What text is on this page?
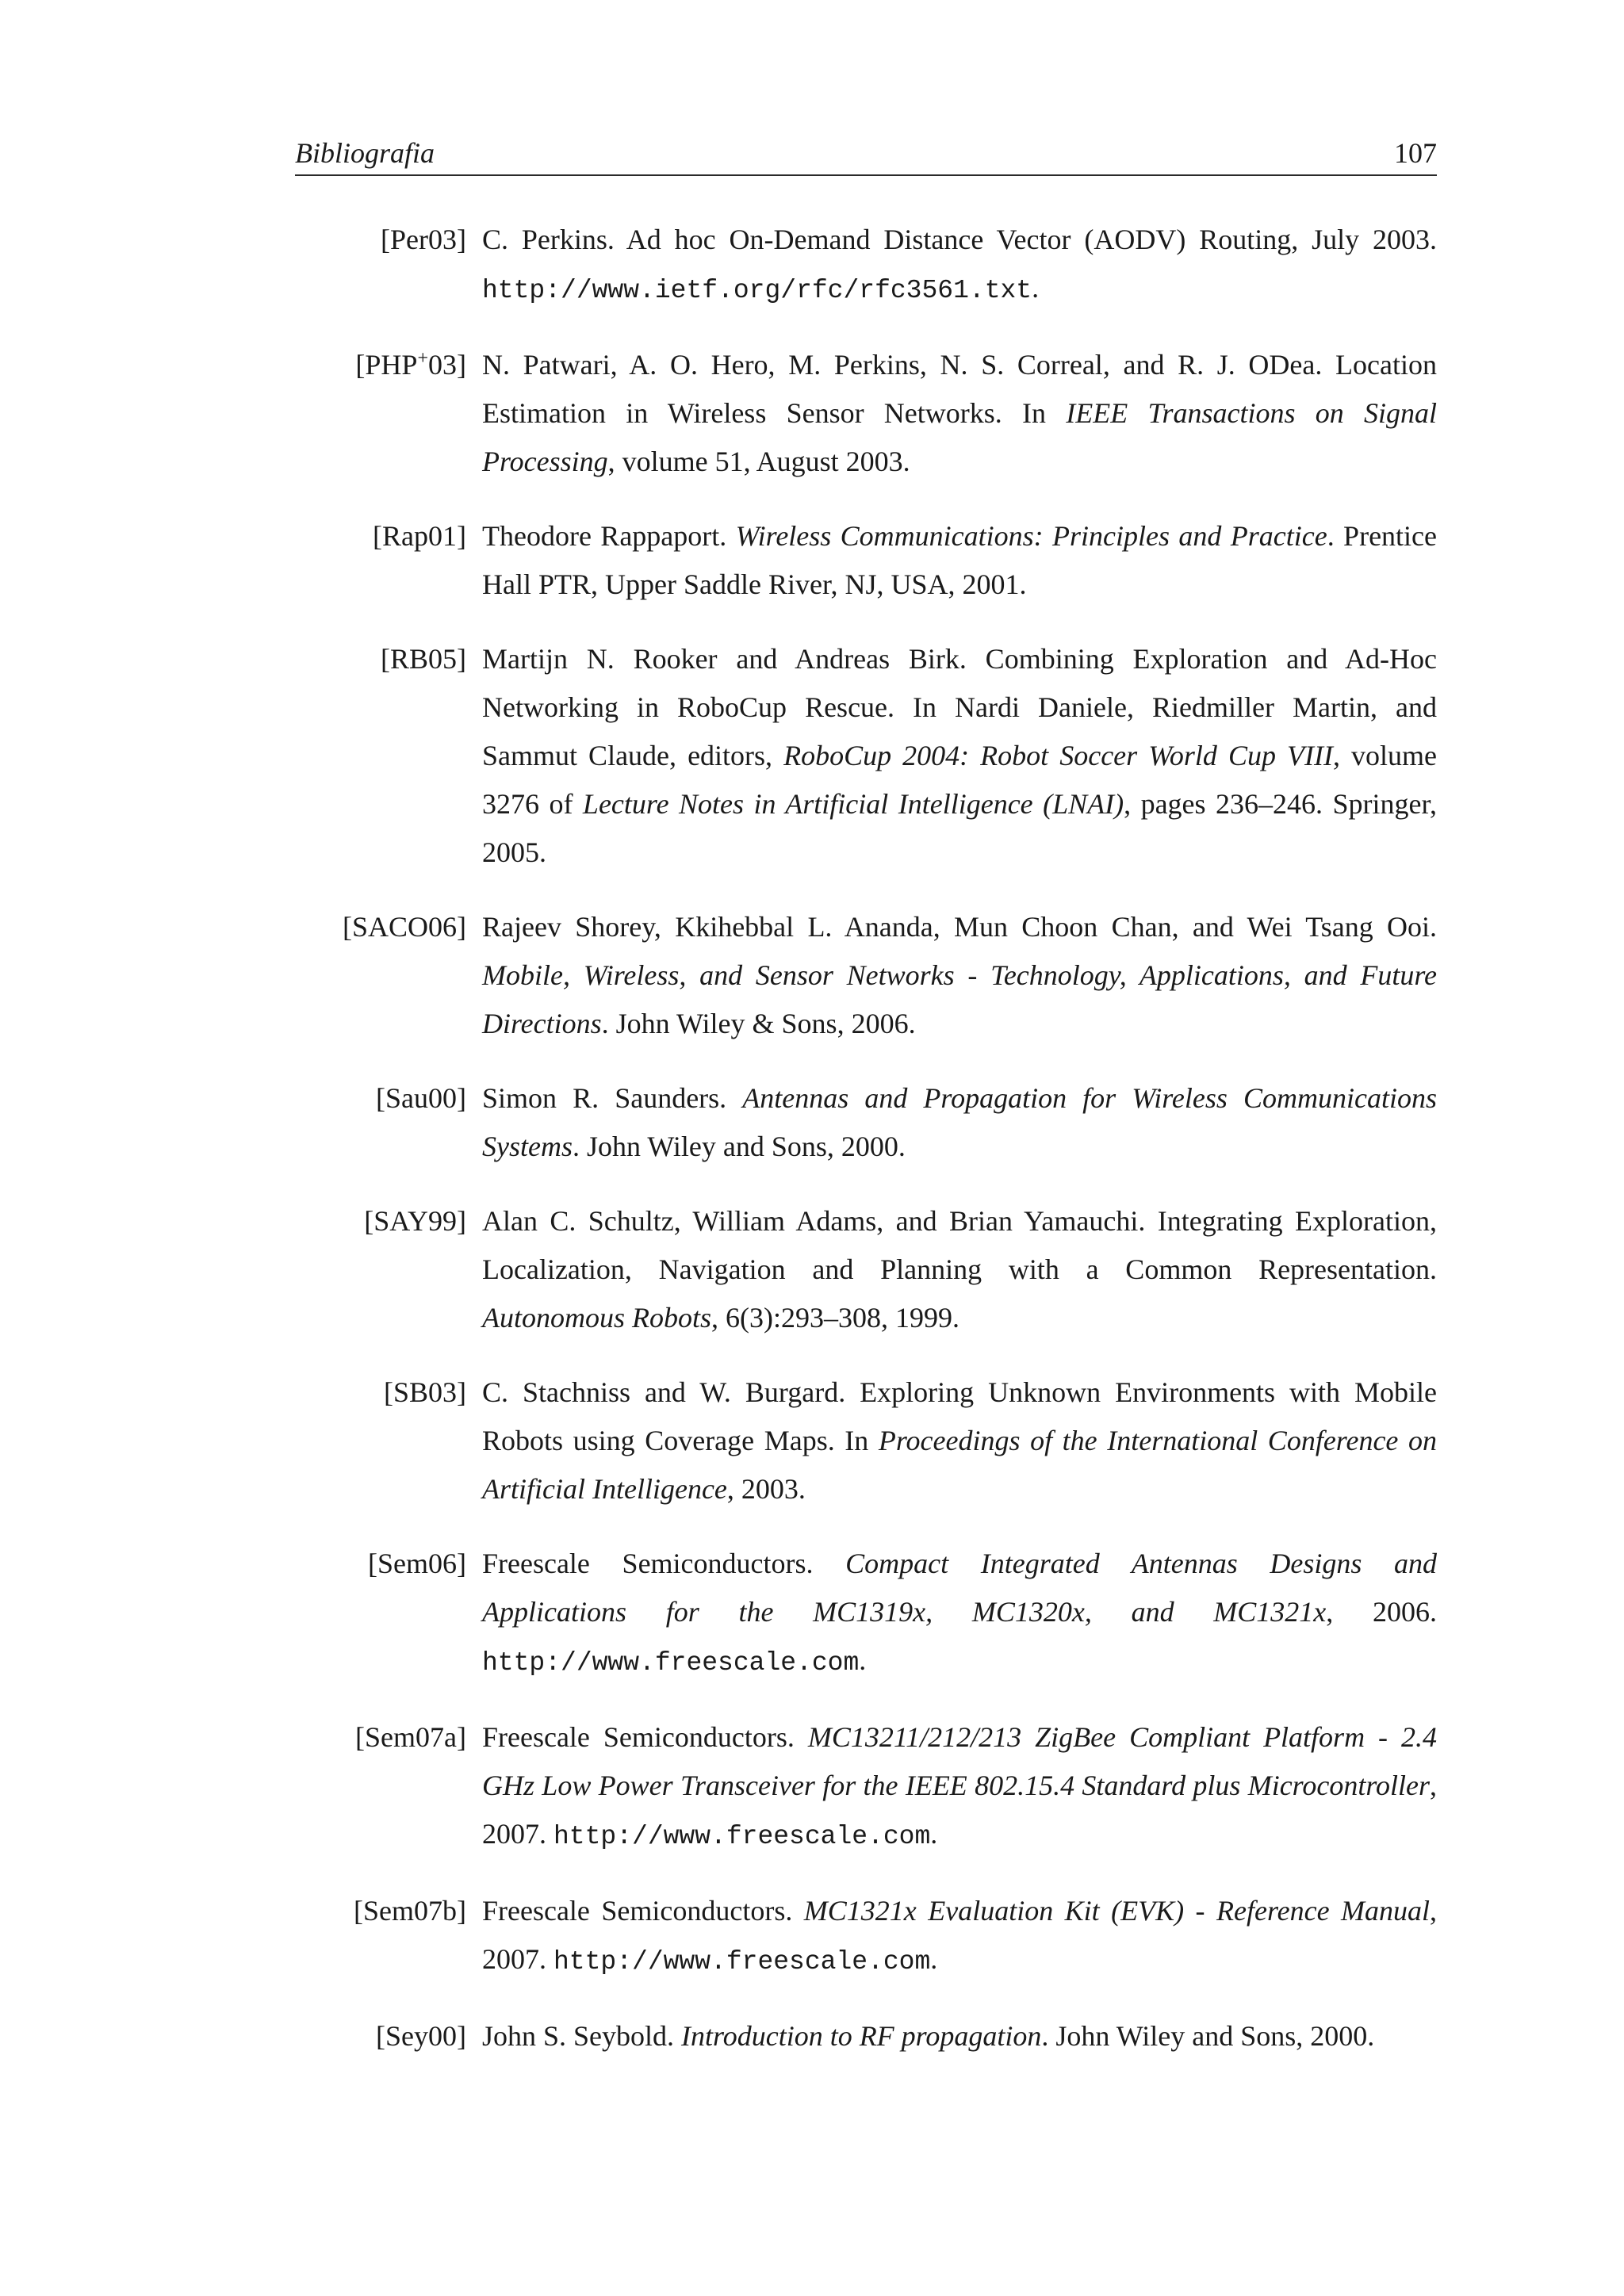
Bibliografia	107
[Per03] C. Perkins. Ad hoc On-Demand Distance Vector (AODV) Routing, July 2003. http://www.ietf.org/rfc/rfc3561.txt.
[PHP+03] N. Patwari, A. O. Hero, M. Perkins, N. S. Correal, and R. J. ODea. Location Estimation in Wireless Sensor Networks. In IEEE Transactions on Signal Processing, volume 51, August 2003.
[Rap01] Theodore Rappaport. Wireless Communications: Principles and Practice. Prentice Hall PTR, Upper Saddle River, NJ, USA, 2001.
[RB05] Martijn N. Rooker and Andreas Birk. Combining Exploration and Ad-Hoc Networking in RoboCup Rescue. In Nardi Daniele, Riedmiller Martin, and Sammut Claude, editors, RoboCup 2004: Robot Soccer World Cup VIII, volume 3276 of Lecture Notes in Artificial Intelligence (LNAI), pages 236–246. Springer, 2005.
[SACO06] Rajeev Shorey, Kkihebbal L. Ananda, Mun Choon Chan, and Wei Tsang Ooi. Mobile, Wireless, and Sensor Networks - Technology, Applications, and Future Directions. John Wiley & Sons, 2006.
[Sau00] Simon R. Saunders. Antennas and Propagation for Wireless Communications Systems. John Wiley and Sons, 2000.
[SAY99] Alan C. Schultz, William Adams, and Brian Yamauchi. Integrating Exploration, Localization, Navigation and Planning with a Common Representation. Autonomous Robots, 6(3):293–308, 1999.
[SB03] C. Stachniss and W. Burgard. Exploring Unknown Environments with Mobile Robots using Coverage Maps. In Proceedings of the International Conference on Artificial Intelligence, 2003.
[Sem06] Freescale Semiconductors. Compact Integrated Antennas Designs and Applications for the MC1319x, MC1320x, and MC1321x, 2006. http://www.freescale.com.
[Sem07a] Freescale Semiconductors. MC13211/212/213 ZigBee Compliant Platform - 2.4 GHz Low Power Transceiver for the IEEE 802.15.4 Standard plus Microcontroller, 2007. http://www.freescale.com.
[Sem07b] Freescale Semiconductors. MC1321x Evaluation Kit (EVK) - Reference Manual, 2007. http://www.freescale.com.
[Sey00] John S. Seybold. Introduction to RF propagation. John Wiley and Sons, 2000.
